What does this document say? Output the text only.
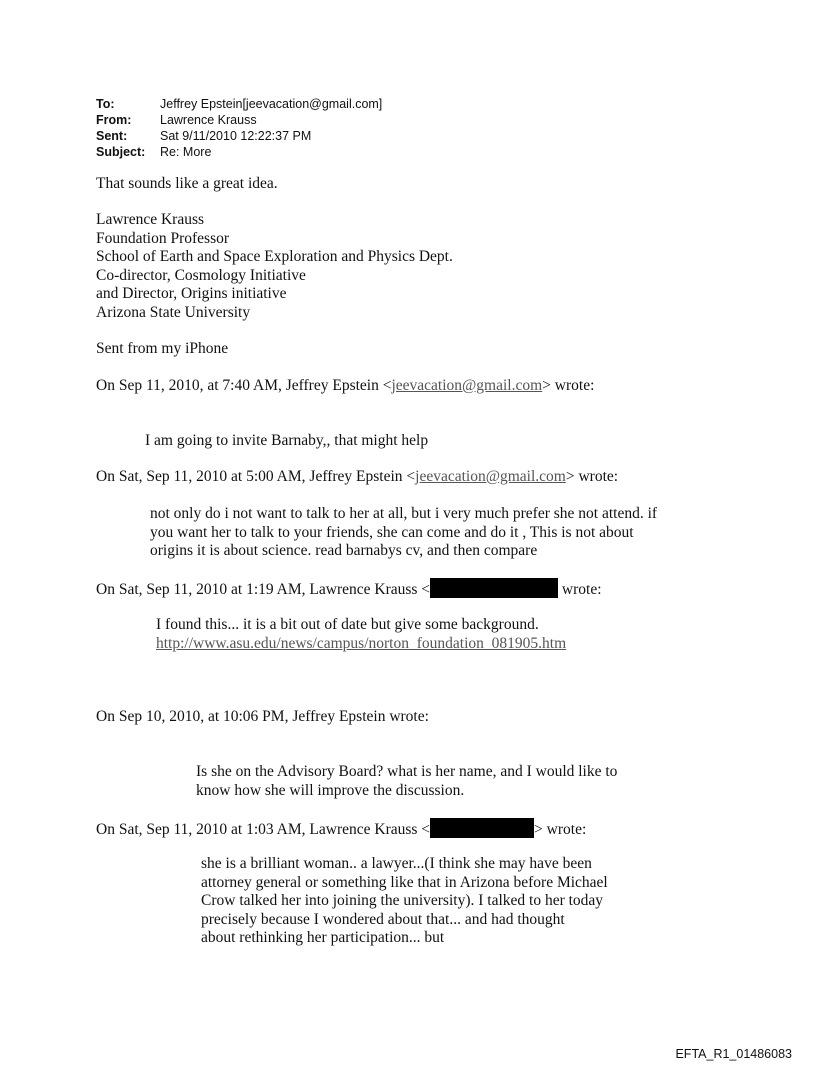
To:	Jeffrey Epstein[jeevacation@gmail.com]
From:	Lawrence Krauss
Sent:	Sat 9/11/2010 12:22:37 PM
Subject:	Re: More
That sounds like a great idea.
Lawrence Krauss
Foundation Professor
School of Earth and Space Exploration and Physics Dept.
Co-director, Cosmology Initiative
and Director, Origins initiative
Arizona State University
Sent from my iPhone
On Sep 11, 2010, at 7:40 AM, Jeffrey Epstein <jeevacation@gmail.com> wrote:
I am going to invite Barnaby,, that might help
On Sat, Sep 11, 2010 at 5:00 AM, Jeffrey Epstein <jeevacation@gmail.com> wrote:
not only do i not want to talk to her at all, but i very much prefer she not attend. if
you want her to talk to your friends, she can come and do it , This is not about
origins it is about science. read barnabys cv, and then compare
On Sat, Sep 11, 2010 at 1:19 AM, Lawrence Krauss <	wrote:
I found this... it is a bit out of date but give some background.
http://www.asu.edu/news/campus/norton_foundation_081905.htm
On Sep 10, 2010, at 10:06 PM, Jeffrey Epstein wrote:
Is she on the Advisory Board? what is her name, and I would like to
know how she will improve the discussion.
On Sat, Sep 11, 2010 at 1:03 AM, Lawrence Krauss <	> wrote:
she is a brilliant woman.. a lawyer...(I think she may have been
attorney general or something like that in Arizona before Michael
Crow talked her into joining the university). I talked to her today
precisely because I wondered about that... and had thought
about rethinking her participation... but
EFTA_R1_01486083
